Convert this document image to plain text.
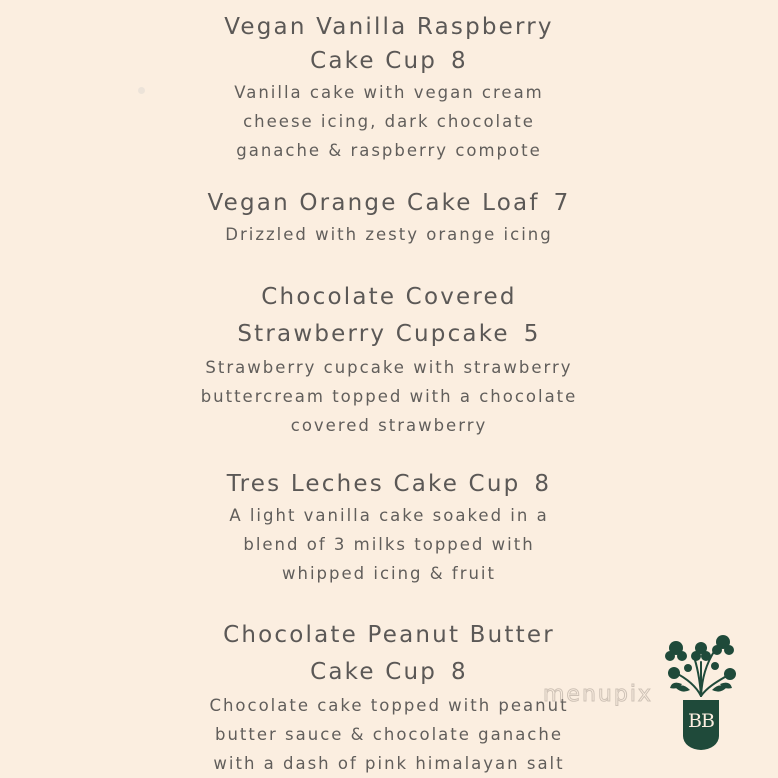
Vegan Vanilla Raspberry
Cake Cup 8

Vanilla cake with vegan cream
cheese icing, dark chocolate
ganache & raspberry compote

Vegan Orange Cake Loaf 7

Drizzled with zesty orange icing

Chocolate Covered
Strawberry Cupcake 5

Strawberry cupcake with strawberry
buttercream topped with a chocolate
covered strawberry

Tres Leches Cake Cup 8

A light vanilla cake soaked in a
blend of 3 milks topped with
whipped icing & fruit

Chocolate Peanut Butter
Cake Cup 8

Chocolate cake topped with peanut
butter sauce & chocolate ganache
with a dash of pink himalayan salt

menupix
BB
